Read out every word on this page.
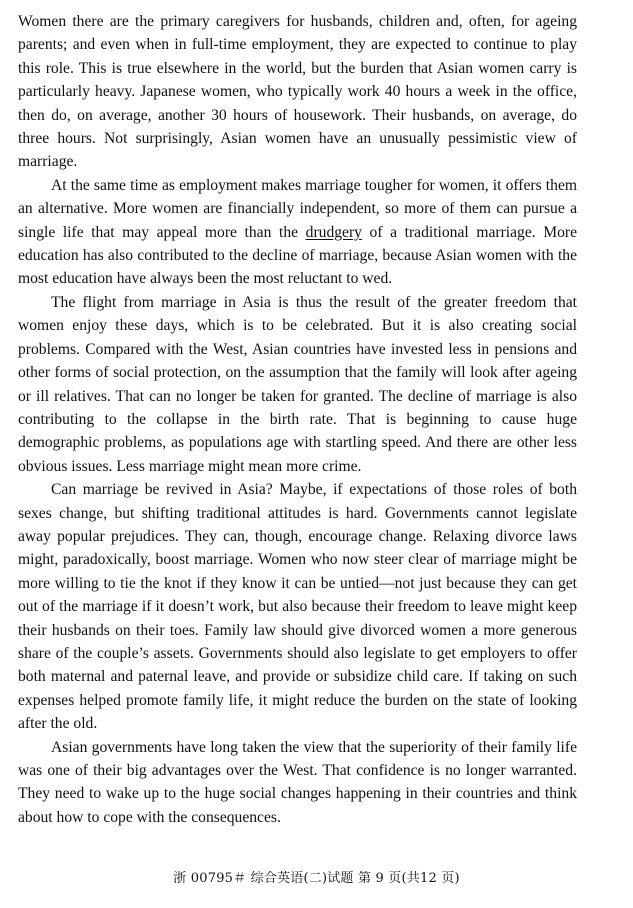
Women there are the primary caregivers for husbands, children and, often, for ageing parents; and even when in full-time employment, they are expected to continue to play this role. This is true elsewhere in the world, but the burden that Asian women carry is particularly heavy. Japanese women, who typically work 40 hours a week in the office, then do, on average, another 30 hours of housework. Their husbands, on average, do three hours. Not surprisingly, Asian women have an unusually pessimistic view of marriage.

At the same time as employment makes marriage tougher for women, it offers them an alternative. More women are financially independent, so more of them can pursue a single life that may appeal more than the drudgery of a traditional marriage. More education has also contributed to the decline of marriage, because Asian women with the most education have always been the most reluctant to wed.

The flight from marriage in Asia is thus the result of the greater freedom that women enjoy these days, which is to be celebrated. But it is also creating social problems. Compared with the West, Asian countries have invested less in pensions and other forms of social protection, on the assumption that the family will look after ageing or ill relatives. That can no longer be taken for granted. The decline of marriage is also contributing to the collapse in the birth rate. That is beginning to cause huge demographic problems, as populations age with startling speed. And there are other less obvious issues. Less marriage might mean more crime.

Can marriage be revived in Asia? Maybe, if expectations of those roles of both sexes change, but shifting traditional attitudes is hard. Governments cannot legislate away popular prejudices. They can, though, encourage change. Relaxing divorce laws might, paradoxically, boost marriage. Women who now steer clear of marriage might be more willing to tie the knot if they know it can be untied—not just because they can get out of the marriage if it doesn’t work, but also because their freedom to leave might keep their husbands on their toes. Family law should give divorced women a more generous share of the couple’s assets. Governments should also legislate to get employers to offer both maternal and paternal leave, and provide or subsidize child care. If taking on such expenses helped promote family life, it might reduce the burden on the state of looking after the old.

Asian governments have long taken the view that the superiority of their family life was one of their big advantages over the West. That confidence is no longer warranted. They need to wake up to the huge social changes happening in their countries and think about how to cope with the consequences.

浙 00795＃ 综合英语(二)试题 第 9 页(共12 页)
